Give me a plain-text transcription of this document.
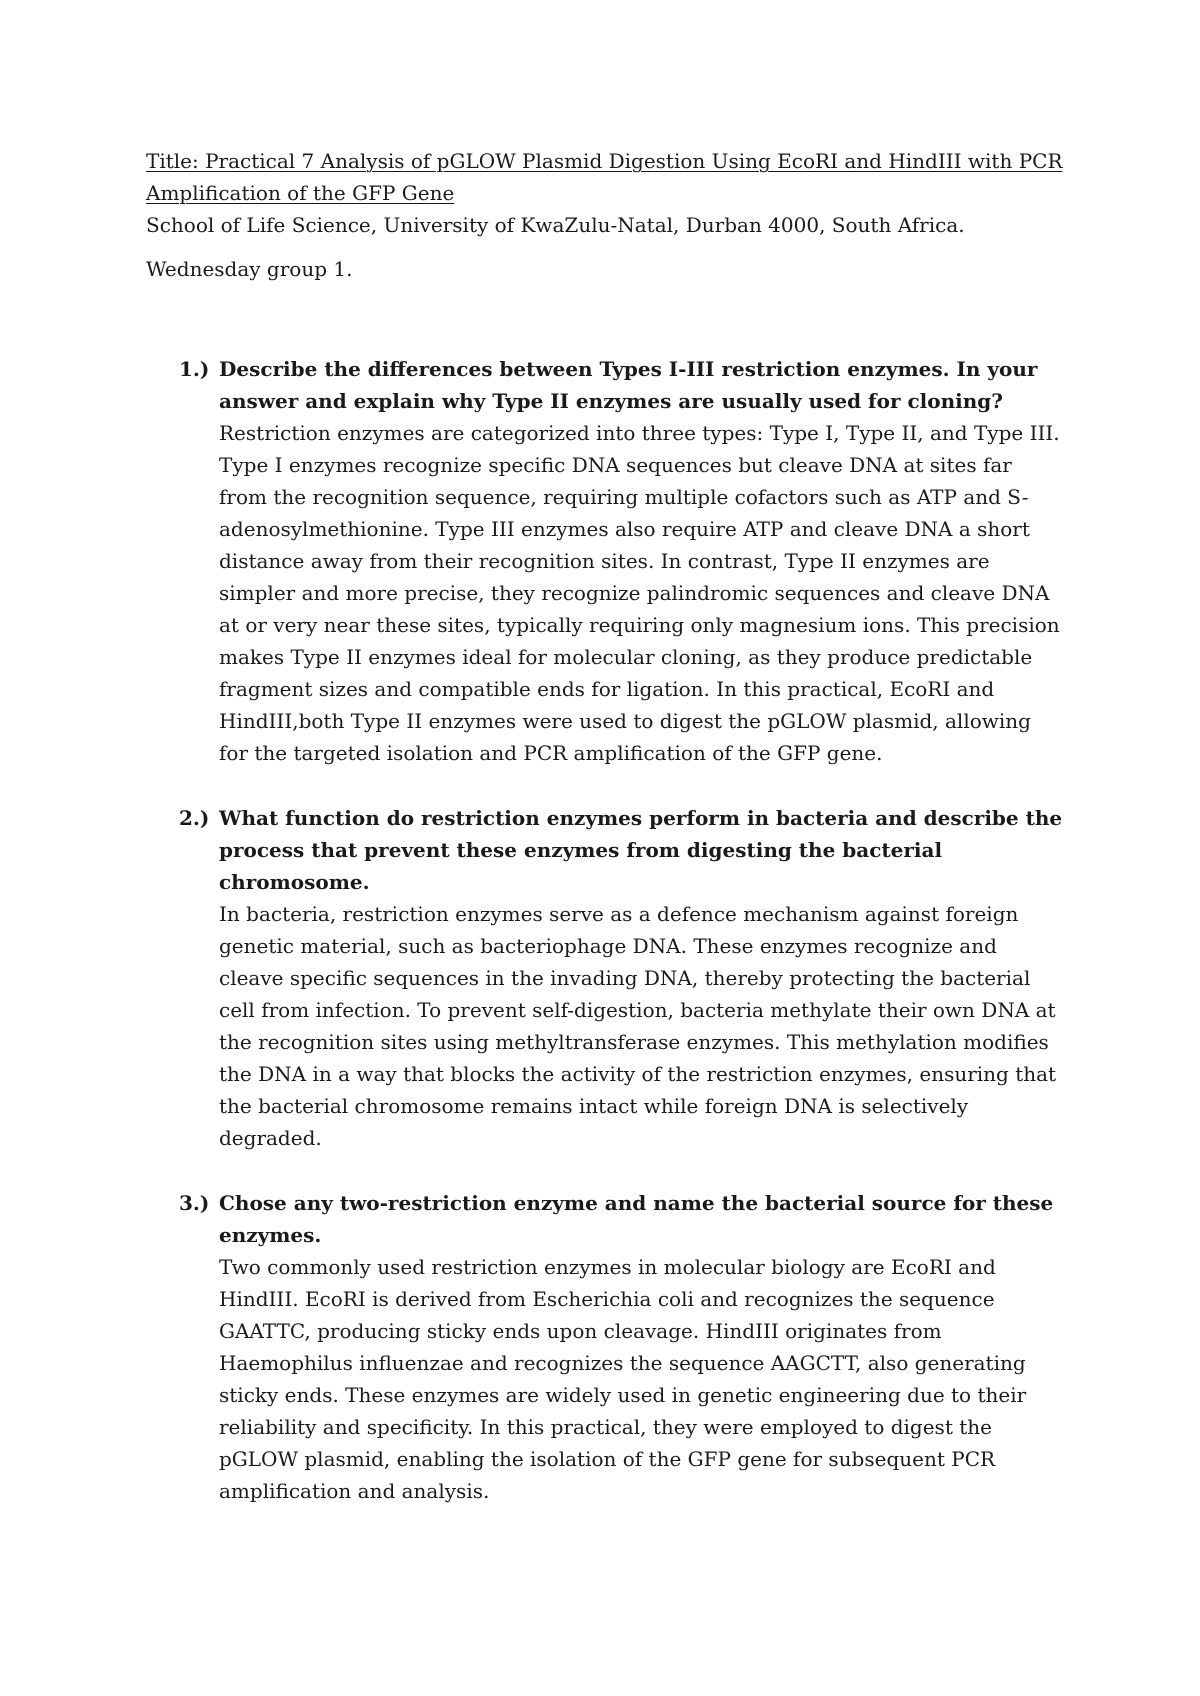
Title: Practical 7 Analysis of pGLOW Plasmid Digestion Using EcoRI and HindIII with PCR Amplification of the GFP Gene
School of Life Science, University of KwaZulu-Natal, Durban 4000, South Africa.
Wednesday group 1.
1.) Describe the differences between Types I-III restriction enzymes. In your answer and explain why Type II enzymes are usually used for cloning?

Restriction enzymes are categorized into three types: Type I, Type II, and Type III. Type I enzymes recognize specific DNA sequences but cleave DNA at sites far from the recognition sequence, requiring multiple cofactors such as ATP and S-adenosylmethionine. Type III enzymes also require ATP and cleave DNA a short distance away from their recognition sites. In contrast, Type II enzymes are simpler and more precise, they recognize palindromic sequences and cleave DNA at or very near these sites, typically requiring only magnesium ions. This precision makes Type II enzymes ideal for molecular cloning, as they produce predictable fragment sizes and compatible ends for ligation. In this practical, EcoRI and HindIII,both Type II enzymes were used to digest the pGLOW plasmid, allowing for the targeted isolation and PCR amplification of the GFP gene.

2.) What function do restriction enzymes perform in bacteria and describe the process that prevent these enzymes from digesting the bacterial chromosome.

In bacteria, restriction enzymes serve as a defence mechanism against foreign genetic material, such as bacteriophage DNA. These enzymes recognize and cleave specific sequences in the invading DNA, thereby protecting the bacterial cell from infection. To prevent self-digestion, bacteria methylate their own DNA at the recognition sites using methyltransferase enzymes. This methylation modifies the DNA in a way that blocks the activity of the restriction enzymes, ensuring that the bacterial chromosome remains intact while foreign DNA is selectively degraded.

3.) Chose any two-restriction enzyme and name the bacterial source for these enzymes.

Two commonly used restriction enzymes in molecular biology are EcoRI and HindIII. EcoRI is derived from Escherichia coli and recognizes the sequence GAATTC, producing sticky ends upon cleavage. HindIII originates from Haemophilus influenzae and recognizes the sequence AAGCTT, also generating sticky ends. These enzymes are widely used in genetic engineering due to their reliability and specificity. In this practical, they were employed to digest the pGLOW plasmid, enabling the isolation of the GFP gene for subsequent PCR amplification and analysis.
